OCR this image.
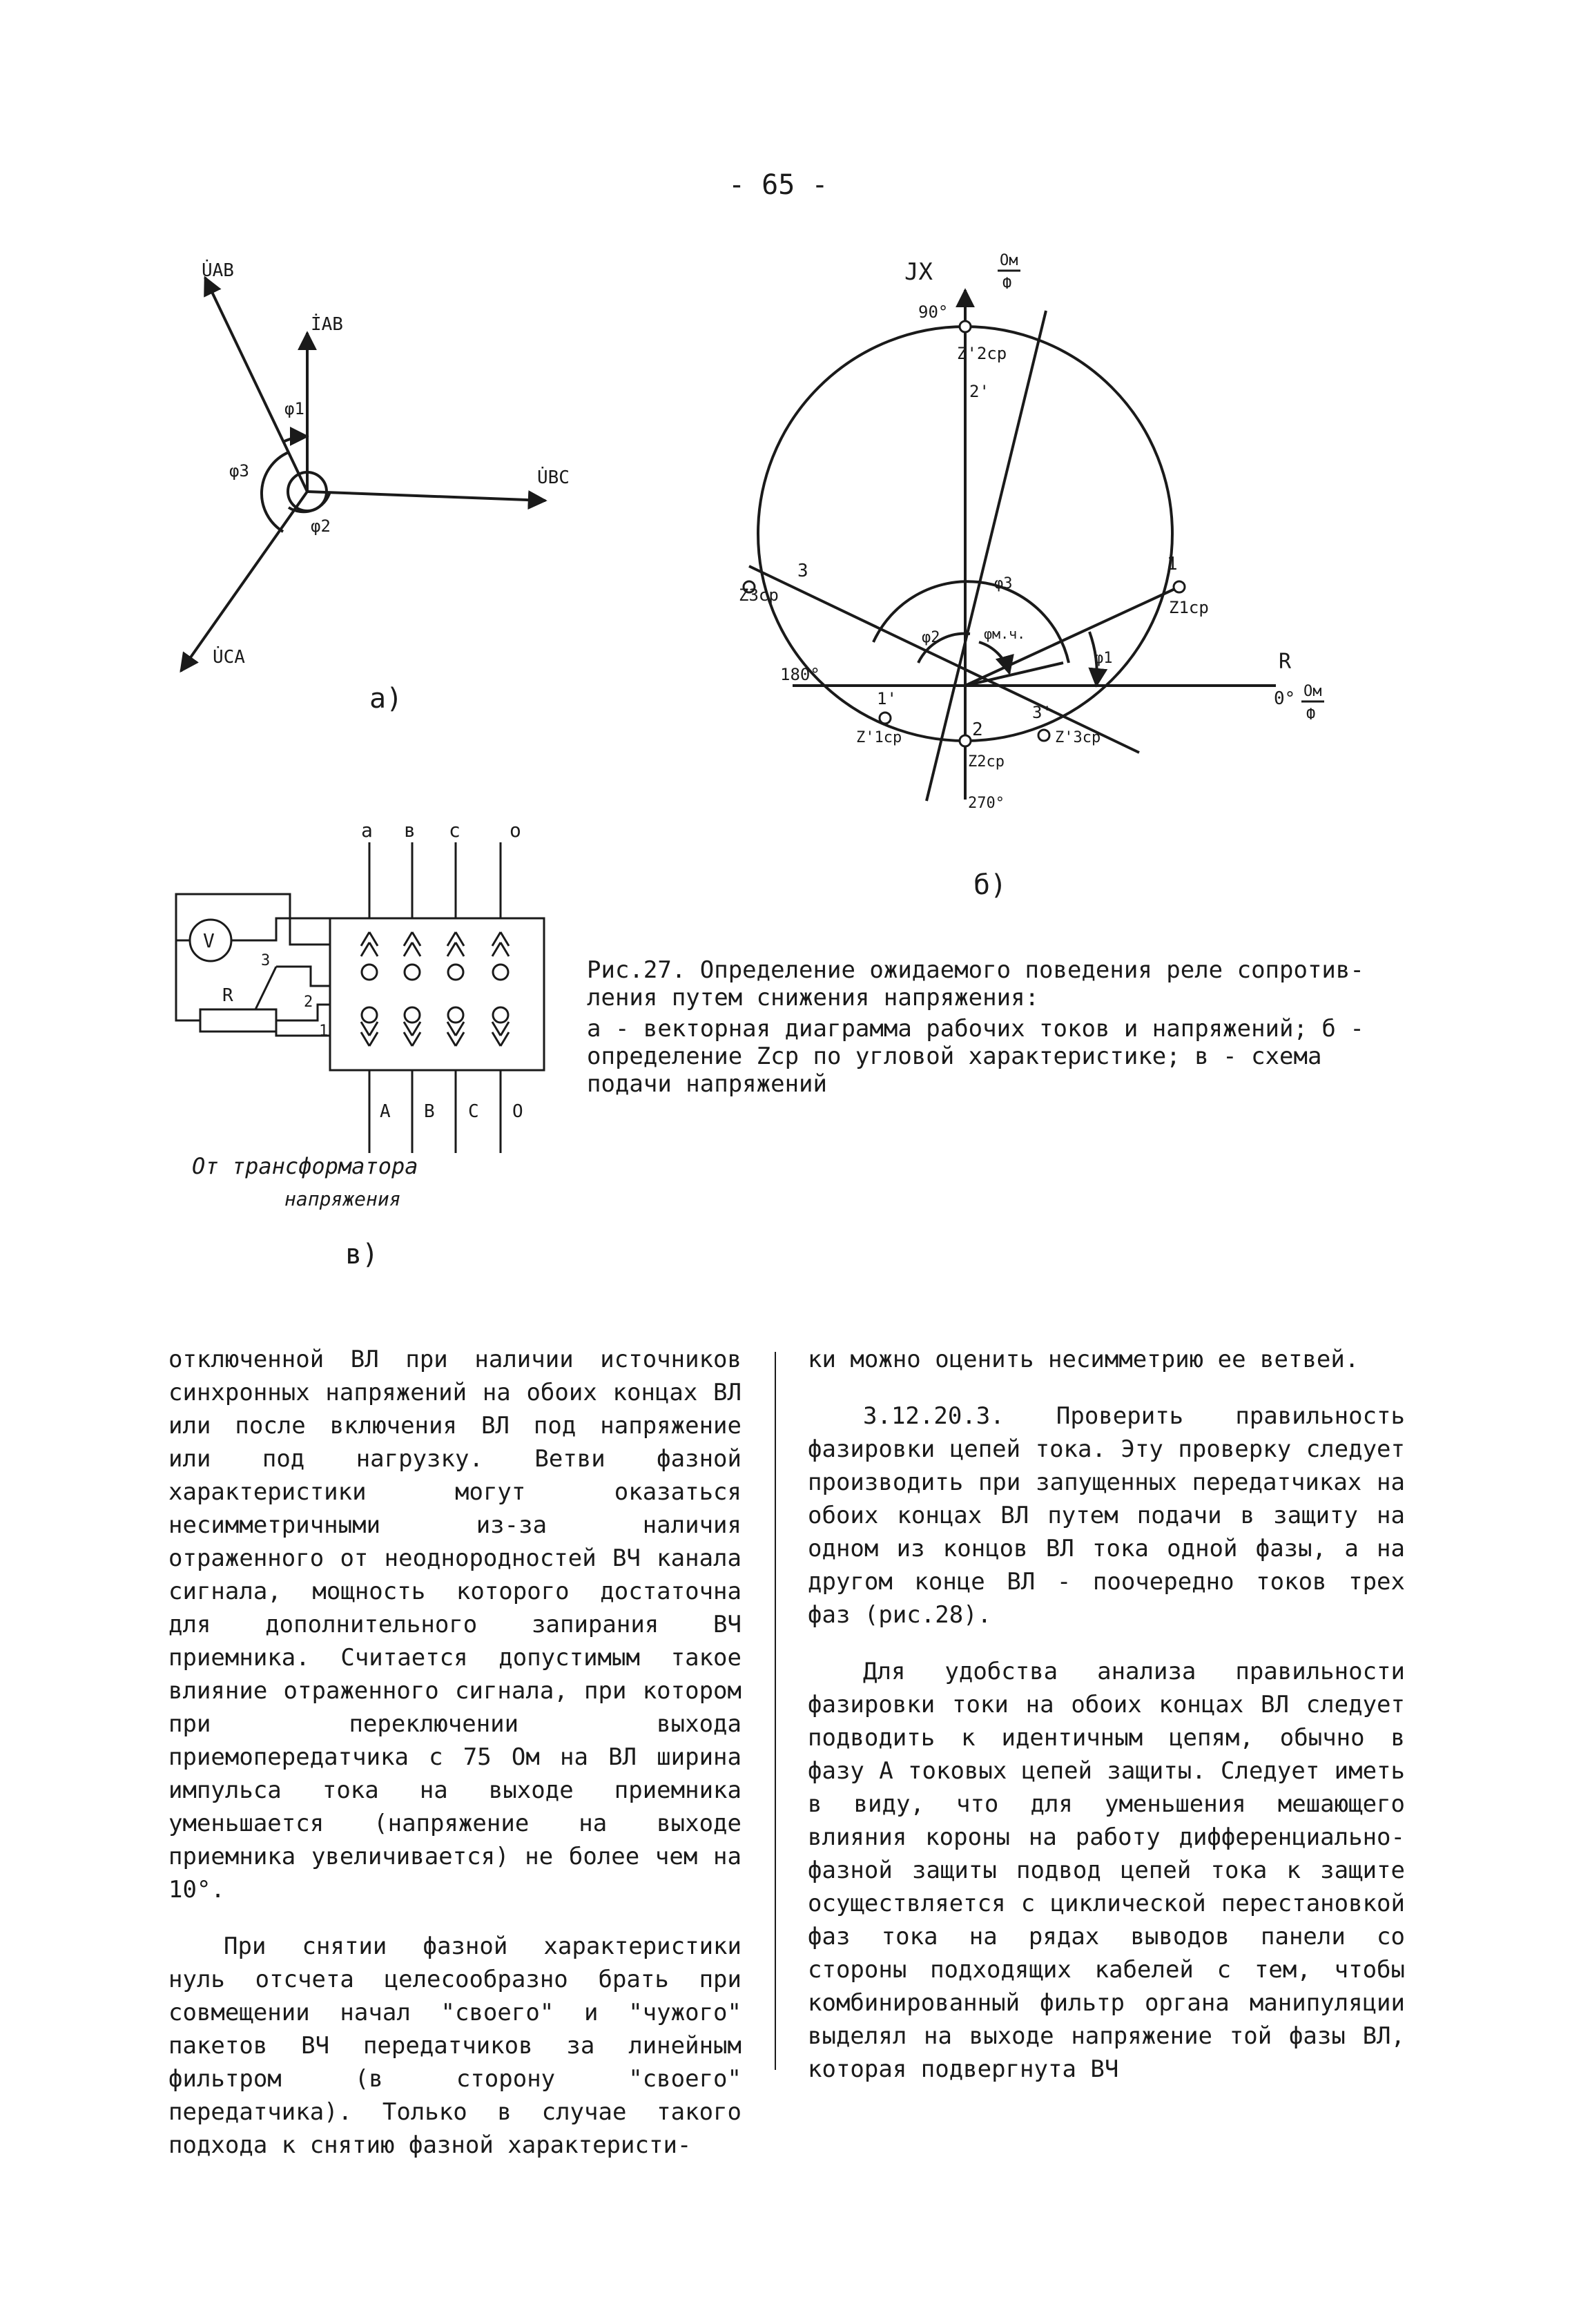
- 65 -
U̇AB
İAB
U̇BC
U̇CA
φ1
φ2
φ3
а)
JX	Ом
Ф
90°
Z'2ср
2'
1
Z1ср
3
Z3ср
φ3
φ2	φм.ч.
φ1	R
180°
0° Ом
Ф
1'
Z'1ср	2
Z2ср
3'
Z'3ср
270°
б)
а в с	о
V
R
3
2
1
А В С О
От трансформатора
напряжения
в)
Рис.27. Определение ожидаемого поведения реле сопротив-ления путем снижения напряжения:
а - векторная диаграмма рабочих токов и напряжений; б - определение Zср по угловой характеристике; в - схема подачи напряжений

отключенной ВЛ при наличии источников синхронных напряжений на обоих концах ВЛ или после включения ВЛ под напряжение или под нагрузку. Ветви фазной характеристики могут оказаться несимметричными из-за наличия отраженного от неоднородностей ВЧ канала сигнала, мощность которого достаточна для дополнительного запирания ВЧ приемника. Считается допустимым такое влияние отраженного сигнала, при котором при переключении выхода приемопередатчика с 75 Ом на ВЛ ширина импульса тока на выходе приемника уменьшается (напряжение на выходе приемника увеличивается) не более чем на 10°.

При снятии фазной характеристики нуль отсчета целесообразно брать при совмещении начал "своего" и "чужого" пакетов ВЧ передатчиков за линейным фильтром (в сторону "своего" передатчика). Только в случае такого подхода к снятию фазной характеристи-

ки можно оценить несимметрию ее ветвей.

3.12.20.3. Проверить правильность фазировки цепей тока. Эту проверку следует производить при запущенных передатчиках на обоих концах ВЛ путем подачи в защиту на одном из концов ВЛ тока одной фазы, а на другом конце ВЛ - поочередно токов трех фаз (рис.28).

Для удобства анализа правильности фазировки токи на обоих концах ВЛ следует подводить к идентичным цепям, обычно в фазу А токовых цепей защиты. Следует иметь в виду, что для уменьшения мешающего влияния короны на работу дифференциально-фазной защиты подвод цепей тока к защите осуществляется с циклической перестановкой фаз тока на рядах выводов панели со стороны подходящих кабелей с тем, чтобы комбинированный фильтр органа манипуляции выделял на выходе напряжение той фазы ВЛ, которая подвергнута ВЧ
